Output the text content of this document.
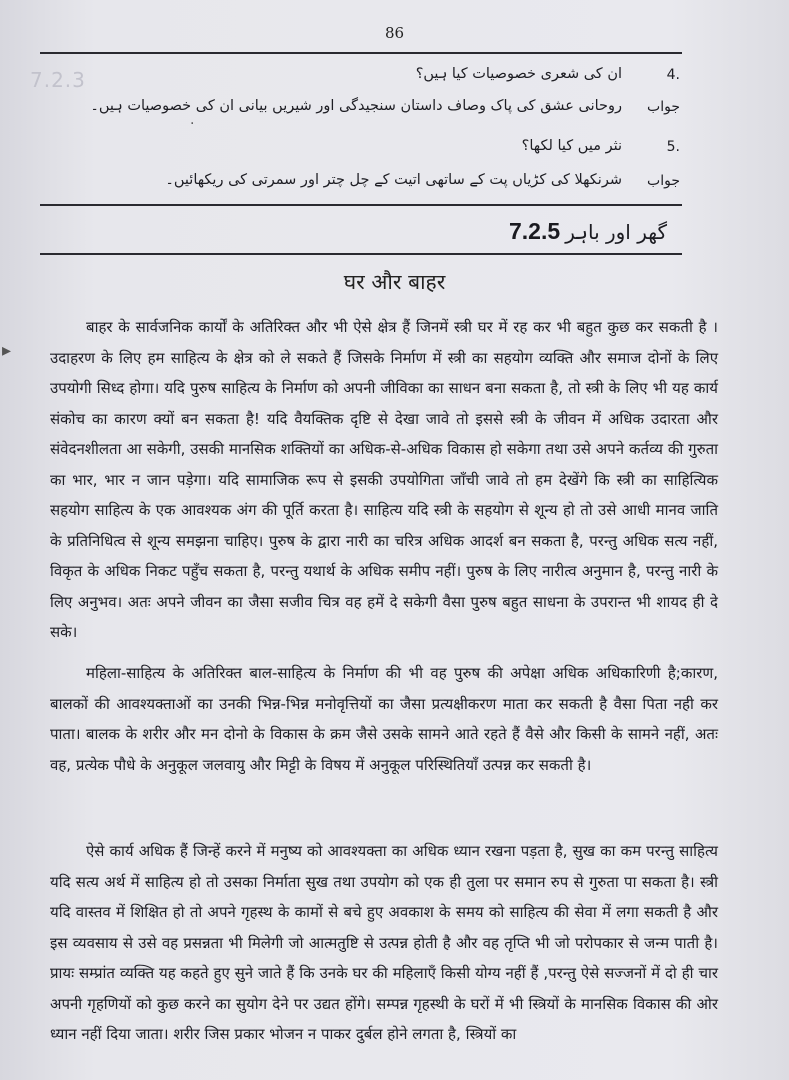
86
7.2.3	4.
ان کی شعری خصوصیات کیا ہیں؟
جواب
روحانی عشق کی پاک وصاف داستان سنجیدگی اور شیریں بیانی ان کی خصوصیات ہیں۔
5.
نثر میں کیا لکھا؟
جواب
شرنکھلا کی کڑیاں پت کے ساتھی اتیت کے چل چتر اور سمرتی کی ریکھائیں۔
·
گھر اور باہر 7.2.5
घर और बाहर
▸

बाहर के सार्वजनिक कार्यों के अतिरिक्त और भी ऐसे क्षेत्र हैं जिनमें स्त्री घर में रह कर भी बहुत कुछ कर सकती है । उदाहरण के लिए हम साहित्य के क्षेत्र को ले सकते हैं जिसके निर्माण में स्त्री का सहयोग व्यक्ति और समाज दोनों के लिए उपयोगी सिध्द होगा। यदि पुरुष साहित्य के निर्माण को अपनी जीविका का साधन बना सकता है, तो स्त्री के लिए भी यह कार्य संकोच का कारण क्यों बन सकता है! यदि वैयक्तिक दृष्टि से देखा जावे तो इससे स्त्री के जीवन में अधिक उदारता और संवेदनशीलता आ सकेगी, उसकी मानसिक शक्तियों का अधिक-से-अधिक विकास हो सकेगा तथा उसे अपने कर्तव्य की गुरुता का भार, भार न जान पड़ेगा। यदि सामाजिक रूप से इसकी उपयोगिता जाँची जावे तो हम देखेंगे कि स्त्री का साहित्यिक सहयोग साहित्य के एक आवश्यक अंग की पूर्ति करता है। साहित्य यदि स्त्री के सहयोग से शून्य हो तो उसे आधी मानव जाति के प्रतिनिधित्व से शून्य समझना चाहिए। पुरुष के द्वारा नारी का चरित्र अधिक आदर्श बन सकता है, परन्तु अधिक सत्य नहीं, विकृत के अधिक निकट पहुँच सकता है, परन्तु यथार्थ के अधिक समीप नहीं। पुरुष के लिए नारीत्व अनुमान है, परन्तु नारी के लिए अनुभव। अतः अपने जीवन का जैसा सजीव चित्र वह हमें दे सकेगी वैसा पुरुष बहुत साधना के उपरान्त भी शायद ही दे सके।

महिला-साहित्य के अतिरिक्त बाल-साहित्य के निर्माण की भी वह पुरुष की अपेक्षा अधिक अधिकारिणी है;कारण, बालकों की आवश्यक्ताओं का उनकी भिन्न-भिन्न मनोवृत्तियों का जैसा प्रत्यक्षीकरण माता कर सकती है वैसा पिता नही कर पाता। बालक के शरीर और मन दोनो के विकास के क्रम जैसे उसके सामने आते रहते हैं वैसे और किसी के सामने नहीं, अतः वह, प्रत्येक पौधे के अनुकूल जलवायु और मिट्टी के विषय में अनुकूल परिस्थितियाँ उत्पन्न कर सकती है।

ऐसे कार्य अधिक हैं जिन्हें करने में मनुष्य को आवश्यक्ता का अधिक ध्यान रखना पड़ता है, सुख का कम परन्तु साहित्य यदि सत्य अर्थ में साहित्य हो तो उसका निर्माता सुख तथा उपयोग को एक ही तुला पर समान रुप से गुरुता पा सकता है। स्त्री यदि वास्तव में शिक्षित हो तो अपने गृहस्थ के कामों से बचे हुए अवकाश के समय को साहित्य की सेवा में लगा सकती है और इस व्यवसाय से उसे वह प्रसन्नता भी मिलेगी जो आत्मतुष्टि से उत्पन्न होती है और वह तृप्ति भी जो परोपकार से जन्म पाती है। प्रायः सम्प्रांत व्यक्ति यह कहते हुए सुने जाते हैं कि उनके घर की महिलाएँ किसी योग्य नहीं हैं ,परन्तु ऐसे सज्जनों में दो ही चार अपनी गृहणियों को कुछ करने का सुयोग देने पर उद्यत होंगे। सम्पन्न गृहस्थी के घरों में भी स्त्रियों के मानसिक विकास की ओर ध्यान नहीं दिया जाता। शरीर जिस प्रकार भोजन न पाकर दुर्बल होने लगता है, स्त्रियों का
